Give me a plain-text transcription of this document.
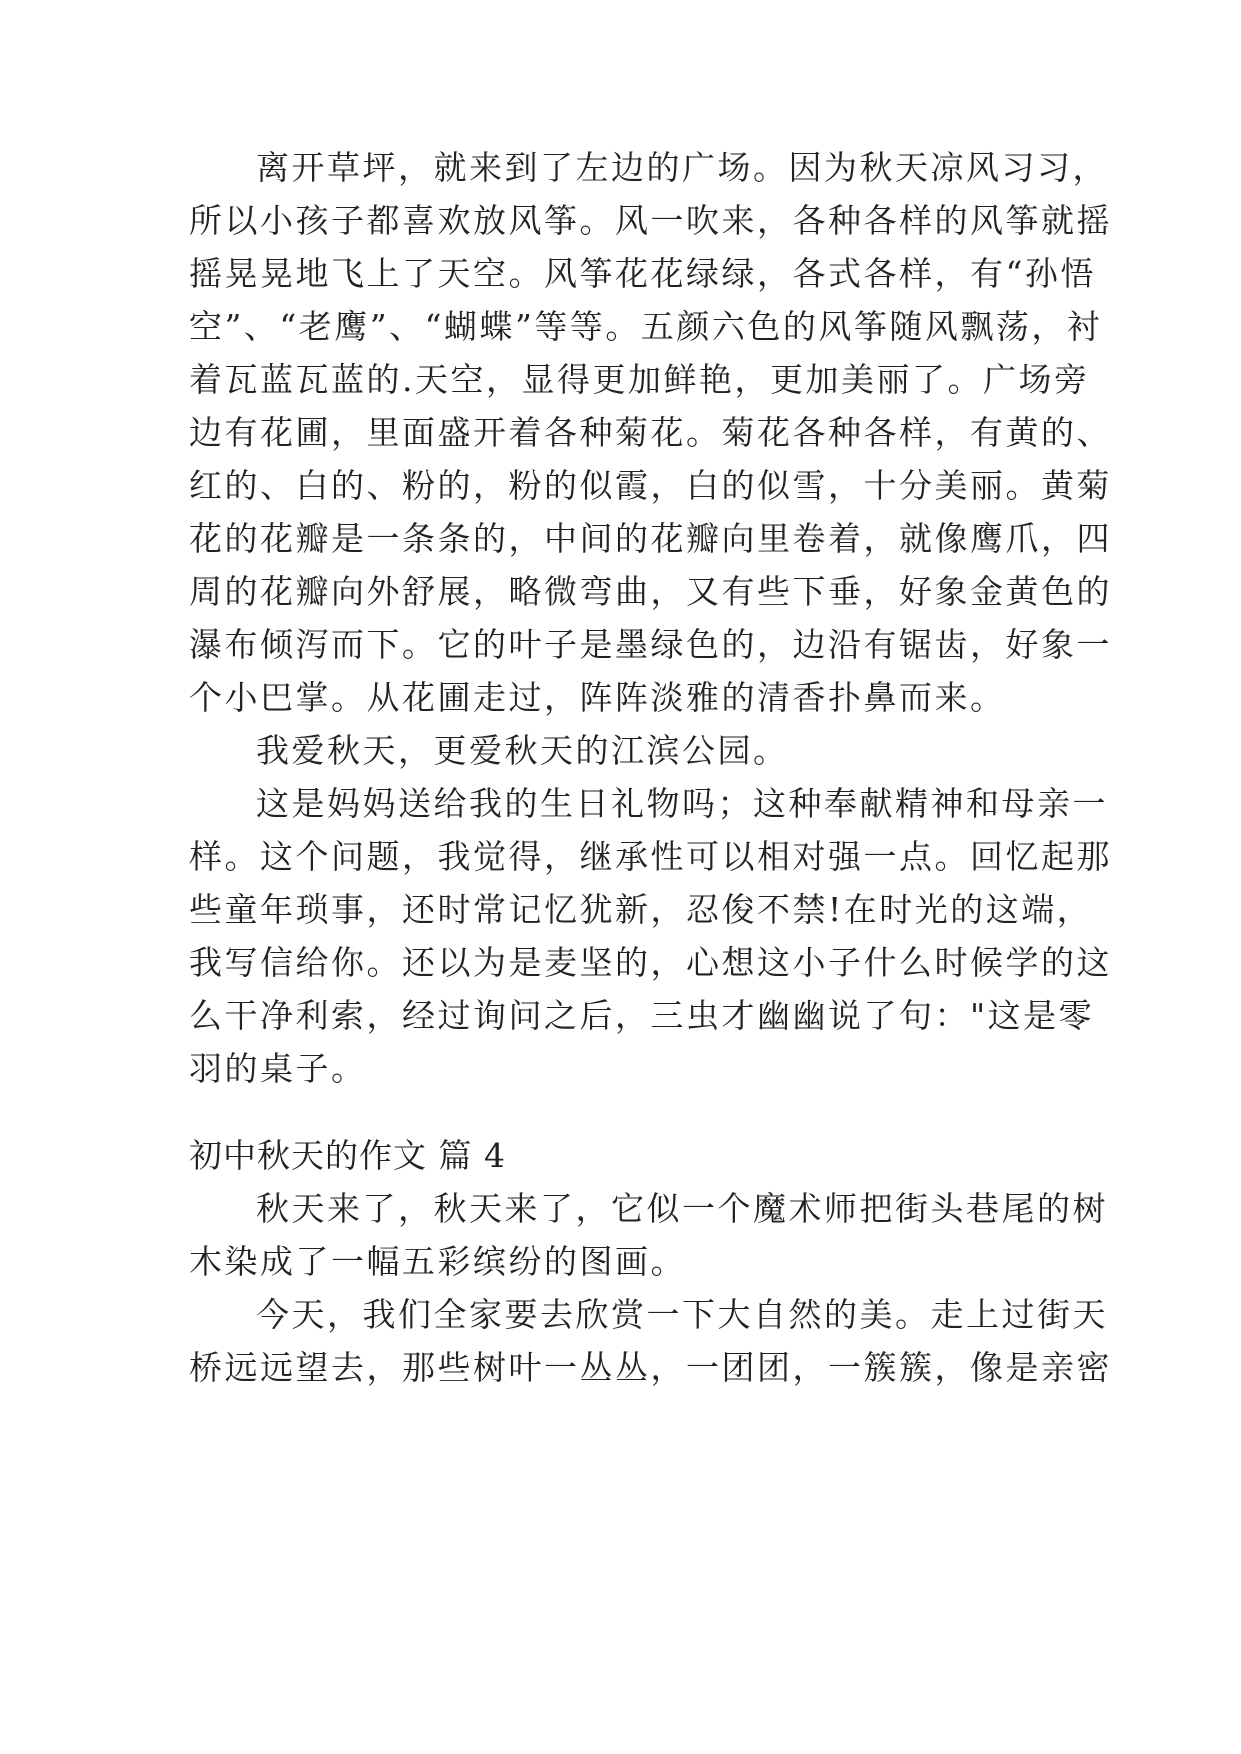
离开草坪，就来到了左边的广场。因为秋天凉风习习，
所以小孩子都喜欢放风筝。风一吹来，各种各样的风筝就摇
摇晃晃地飞上了天空。风筝花花绿绿，各式各样，有“孙悟
空”、“老鹰”、“蝴蝶”等等。五颜六色的风筝随风飘荡，衬
着瓦蓝瓦蓝的.天空，显得更加鲜艳，更加美丽了。广场旁
边有花圃，里面盛开着各种菊花。菊花各种各样，有黄的、
红的、白的、粉的，粉的似霞，白的似雪，十分美丽。黄菊
花的花瓣是一条条的，中间的花瓣向里卷着，就像鹰爪，四
周的花瓣向外舒展，略微弯曲，又有些下垂，好象金黄色的
瀑布倾泻而下。它的叶子是墨绿色的，边沿有锯齿，好象一
个小巴掌。从花圃走过，阵阵淡雅的清香扑鼻而来。
我爱秋天，更爱秋天的江滨公园。
这是妈妈送给我的生日礼物吗；这种奉献精神和母亲一
样。这个问题，我觉得，继承性可以相对强一点。回忆起那
些童年琐事，还时常记忆犹新，忍俊不禁!在时光的这端，
我写信给你。还以为是麦坚的，心想这小子什么时候学的这
么干净利索，经过询问之后，三虫才幽幽说了句："这是零
羽的桌子。
初中秋天的作文 篇 4
秋天来了，秋天来了，它似一个魔术师把街头巷尾的树
木染成了一幅五彩缤纷的图画。
今天，我们全家要去欣赏一下大自然的美。走上过街天
桥远远望去，那些树叶一丛丛，一团团，一簇簇，像是亲密
